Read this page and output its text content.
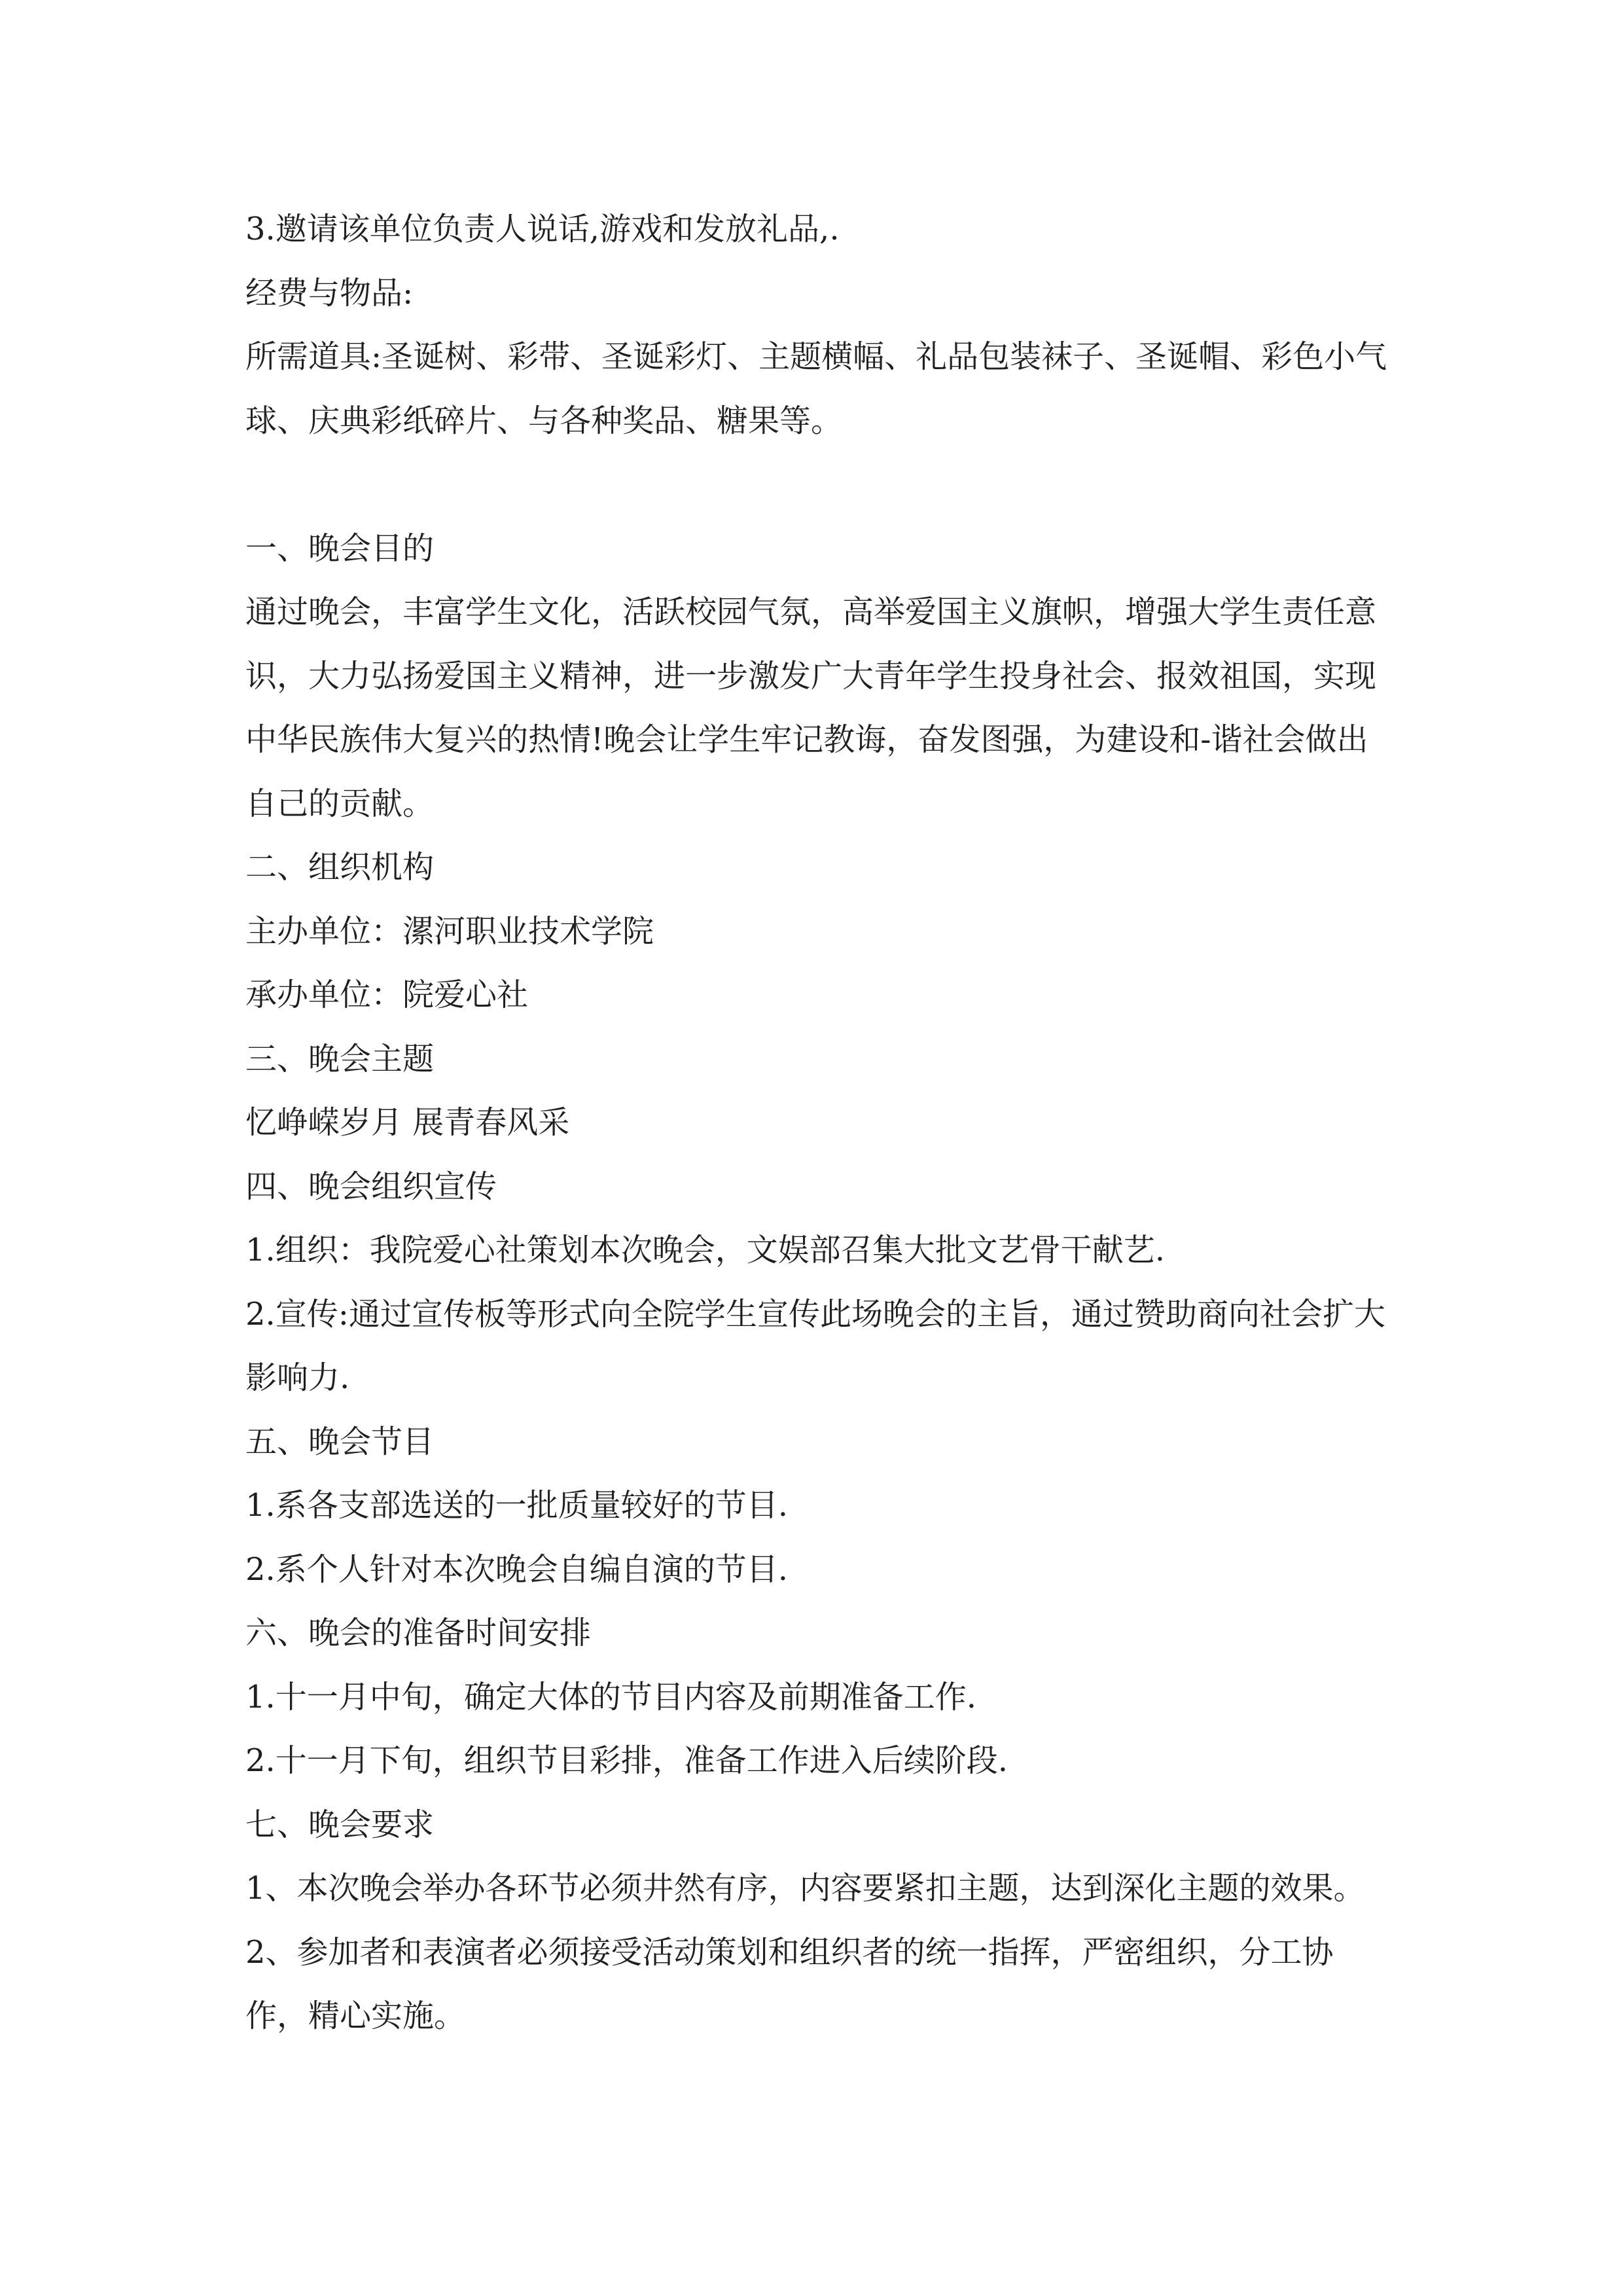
3.邀请该单位负责人说话,游戏和发放礼品,.

经费与物品:

所需道具:圣诞树、彩带、圣诞彩灯、主题横幅、礼品包装袜子、圣诞帽、彩色小气球、庆典彩纸碎片、与各种奖品、糖果等。

一、晚会目的

通过晚会，丰富学生文化，活跃校园气氛，高举爱国主义旗帜，增强大学生责任意识，大力弘扬爱国主义精神，进一步激发广大青年学生投身社会、报效祖国，实现中华民族伟大复兴的热情!晚会让学生牢记教诲，奋发图强，为建设和-谐社会做出自己的贡献。

二、组织机构

主办单位：漯河职业技术学院

承办单位：院爱心社

三、晚会主题

忆峥嵘岁月 展青春风采

四、晚会组织宣传

1.组织：我院爱心社策划本次晚会，文娱部召集大批文艺骨干献艺.

2.宣传:通过宣传板等形式向全院学生宣传此场晚会的主旨，通过赞助商向社会扩大影响力.

五、晚会节目

1.系各支部选送的一批质量较好的节目.

2.系个人针对本次晚会自编自演的节目.

六、晚会的准备时间安排

1.十一月中旬，确定大体的节目内容及前期准备工作.

2.十一月下旬，组织节目彩排，准备工作进入后续阶段.

七、晚会要求

1、本次晚会举办各环节必须井然有序，内容要紧扣主题，达到深化主题的效果。

2、参加者和表演者必须接受活动策划和组织者的统一指挥，严密组织，分工协作，精心实施。
